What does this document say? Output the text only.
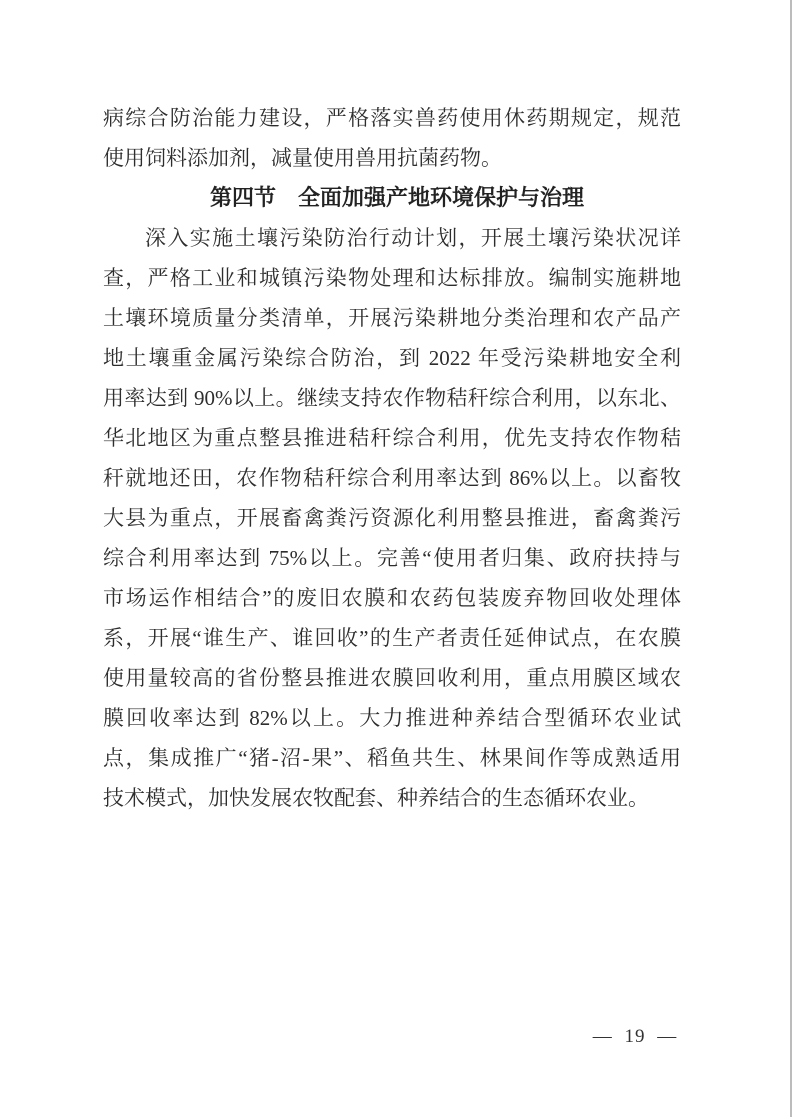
病综合防治能力建设，严格落实兽药使用休药期规定，规范
使用饲料添加剂，减量使用兽用抗菌药物。
第四节 全面加强产地环境保护与治理
深入实施土壤污染防治行动计划，开展土壤污染状况详
查，严格工业和城镇污染物处理和达标排放。编制实施耕地
土壤环境质量分类清单，开展污染耕地分类治理和农产品产
地土壤重金属污染综合防治，到 2022 年受污染耕地安全利
用率达到 90%以上。继续支持农作物秸秆综合利用，以东北、
华北地区为重点整县推进秸秆综合利用，优先支持农作物秸
秆就地还田，农作物秸秆综合利用率达到 86%以上。以畜牧
大县为重点，开展畜禽粪污资源化利用整县推进，畜禽粪污
综合利用率达到 75%以上。完善“使用者归集、政府扶持与
市场运作相结合”的废旧农膜和农药包装废弃物回收处理体
系，开展“谁生产、谁回收”的生产者责任延伸试点，在农膜
使用量较高的省份整县推进农膜回收利用，重点用膜区域农
膜回收率达到 82%以上。大力推进种养结合型循环农业试
点，集成推广“猪-沼-果”、稻鱼共生、林果间作等成熟适用
技术模式，加快发展农牧配套、种养结合的生态循环农业。
— 19 —
